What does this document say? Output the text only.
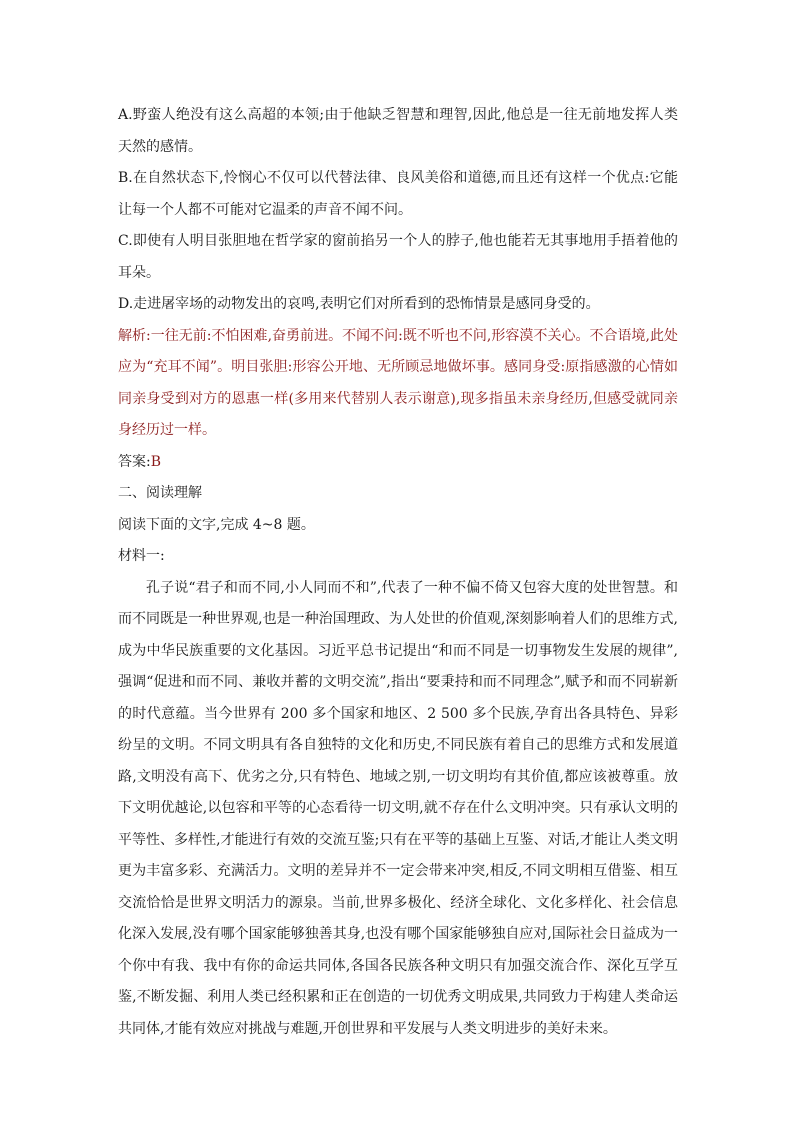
A.野蛮人绝没有这么高超的本领;由于他缺乏智慧和理智,因此,他总是一往无前地发挥人类天然的感情。

B.在自然状态下,怜悯心不仅可以代替法律、良风美俗和道德,而且还有这样一个优点:它能让每一个人都不可能对它温柔的声音不闻不问。

C.即使有人明目张胆地在哲学家的窗前掐另一个人的脖子,他也能若无其事地用手捂着他的耳朵。

D.走进屠宰场的动物发出的哀鸣,表明它们对所看到的恐怖情景是感同身受的。

解析:一往无前:不怕困难,奋勇前进。不闻不问:既不听也不问,形容漠不关心。不合语境,此处应为“充耳不闻”。明目张胆:形容公开地、无所顾忌地做坏事。感同身受:原指感激的心情如同亲身受到对方的恩惠一样(多用来代替别人表示谢意),现多指虽未亲身经历,但感受就同亲身经历过一样。

答案:B

二、阅读理解

阅读下面的文字,完成 4~8 题。

材料一:

孔子说“君子和而不同,小人同而不和”,代表了一种不偏不倚又包容大度的处世智慧。和而不同既是一种世界观,也是一种治国理政、为人处世的价值观,深刻影响着人们的思维方式,成为中华民族重要的文化基因。习近平总书记提出“和而不同是一切事物发生发展的规律”,强调“促进和而不同、兼收并蓄的文明交流”,指出“要秉持和而不同理念”,赋予和而不同崭新的时代意蕴。当今世界有 200 多个国家和地区、2 500 多个民族,孕育出各具特色、异彩纷呈的文明。不同文明具有各自独特的文化和历史,不同民族有着自己的思维方式和发展道路,文明没有高下、优劣之分,只有特色、地域之别,一切文明均有其价值,都应该被尊重。放下文明优越论,以包容和平等的心态看待一切文明,就不存在什么文明冲突。只有承认文明的平等性、多样性,才能进行有效的交流互鉴;只有在平等的基础上互鉴、对话,才能让人类文明更为丰富多彩、充满活力。文明的差异并不一定会带来冲突,相反,不同文明相互借鉴、相互交流恰恰是世界文明活力的源泉。当前,世界多极化、经济全球化、文化多样化、社会信息化深入发展,没有哪个国家能够独善其身,也没有哪个国家能够独自应对,国际社会日益成为一个你中有我、我中有你的命运共同体,各国各民族各种文明只有加强交流合作、深化互学互鉴,不断发掘、利用人类已经积累和正在创造的一切优秀文明成果,共同致力于构建人类命运共同体,才能有效应对挑战与难题,开创世界和平发展与人类文明进步的美好未来。
